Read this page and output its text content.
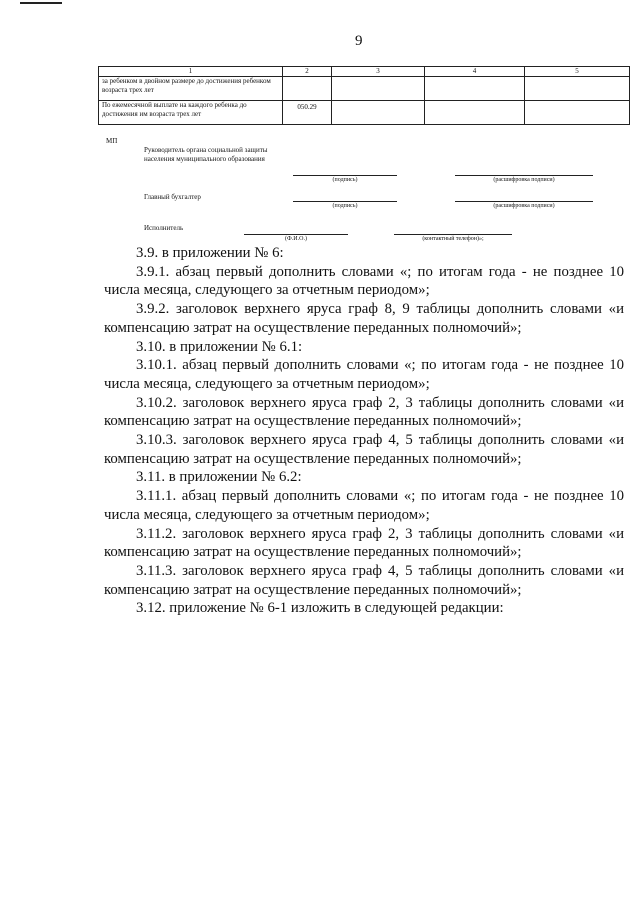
9
1	2	3	4	5
за ребенком в двойном размере до достижения ребенком возраста трех лет				
По ежемесячной выплате на каждого ребенка до достижения им возраста трех лет	050.29			
МП
Руководитель органа социальной защиты населения муниципального образования
(подпись)	(расшифровка подписи)
Главный бухгалтер
(подпись)	(расшифровка подписи)
Исполнитель
(Ф.И.О.)	(контактный телефон)»;

3.9. в приложении № 6:

3.9.1. абзац первый дополнить словами «; по итогам года - не позднее 10 числа месяца, следующего за отчетным периодом»;

3.9.2. заголовок верхнего яруса граф 8, 9 таблицы дополнить словами «и компенсацию затрат на осуществление переданных полномочий»;

3.10. в приложении № 6.1:

3.10.1. абзац первый дополнить словами «; по итогам года - не позднее 10 числа месяца, следующего за отчетным периодом»;

3.10.2. заголовок верхнего яруса граф 2, 3 таблицы дополнить словами «и компенсацию затрат на осуществление переданных полномочий»;

3.10.3. заголовок верхнего яруса граф 4, 5 таблицы дополнить словами «и компенсацию затрат на осуществление переданных полномочий»;

3.11. в приложении № 6.2:

3.11.1. абзац первый дополнить словами «; по итогам года - не позднее 10 числа месяца, следующего за отчетным периодом»;

3.11.2. заголовок верхнего яруса граф 2, 3 таблицы дополнить словами «и компенсацию затрат на осуществление переданных полномочий»;

3.11.3. заголовок верхнего яруса граф 4, 5 таблицы дополнить словами «и компенсацию затрат на осуществление переданных полномочий»;

3.12. приложение № 6-1 изложить в следующей редакции:
